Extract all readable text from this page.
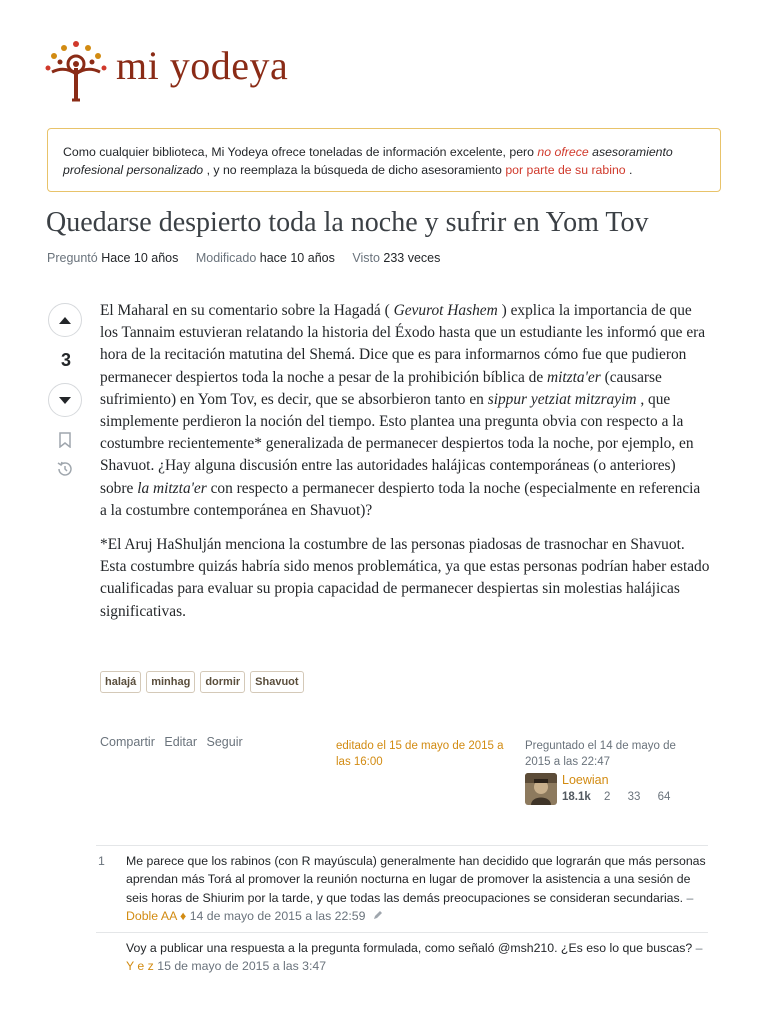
mi yodeya
Como cualquier biblioteca, Mi Yodeya ofrece toneladas de información excelente, pero no ofrece asesoramiento profesional personalizado , y no reemplaza la búsqueda de dicho asesoramiento por parte de su rabino .
Quedarse despierto toda la noche y sufrir en Yom Tov
Preguntó Hace 10 años Modificado hace 10 años Visto 233 veces
3

El Maharal en su comentario sobre la Hagadá ( Gevurot Hashem ) explica la importancia de que los Tannaim estuvieran relatando la historia del Éxodo hasta que un estudiante les informó que era hora de la recitación matutina del Shemá. Dice que es para informarnos cómo fue que pudieron permanecer despiertos toda la noche a pesar de la prohibición bíblica de mitzta'er (causarse sufrimiento) en Yom Tov, es decir, que se absorbieron tanto en sippur yetziat mitzrayim , que simplemente perdieron la noción del tiempo. Esto plantea una pregunta obvia con respecto a la costumbre recientemente* generalizada de permanecer despiertos toda la noche, por ejemplo, en Shavuot. ¿Hay alguna discusión entre las autoridades halájicas contemporáneas (o anteriores) sobre la mitzta'er con respecto a permanecer despierto toda la noche (especialmente en referencia a la costumbre contemporánea en Shavuot)?

*El Aruj HaShulján menciona la costumbre de las personas piadosas de trasnochar en Shavuot. Esta costumbre quizás habría sido menos problemática, ya que estas personas podrían haber estado cualificadas para evaluar su propia capacidad de permanecer despiertas sin molestias halájicas significativas.

halajá	minhag	dormir	Shavuot
Compartir Editar Seguir	editado el 15 de mayo de 2015 a las 16:00
Preguntado el 14 de mayo de 2015 a las 22:47
Loewian
18.1k 2 33 64
1	Me parece que los rabinos (con R mayúscula) generalmente han decidido que lograrán que más personas aprendan más Torá al promover la reunión nocturna en lugar de promover la asistencia a una sesión de seis horas de Shiurim por la tarde, y que todas las demás preocupaciones se consideran secundarias. – Doble AA ♦ 14 de mayo de 2015 a las 22:59
Voy a publicar una respuesta a la pregunta formulada, como señaló @msh210. ¿Es eso lo que buscas? – Y e z 15 de mayo de 2015 a las 3:47
